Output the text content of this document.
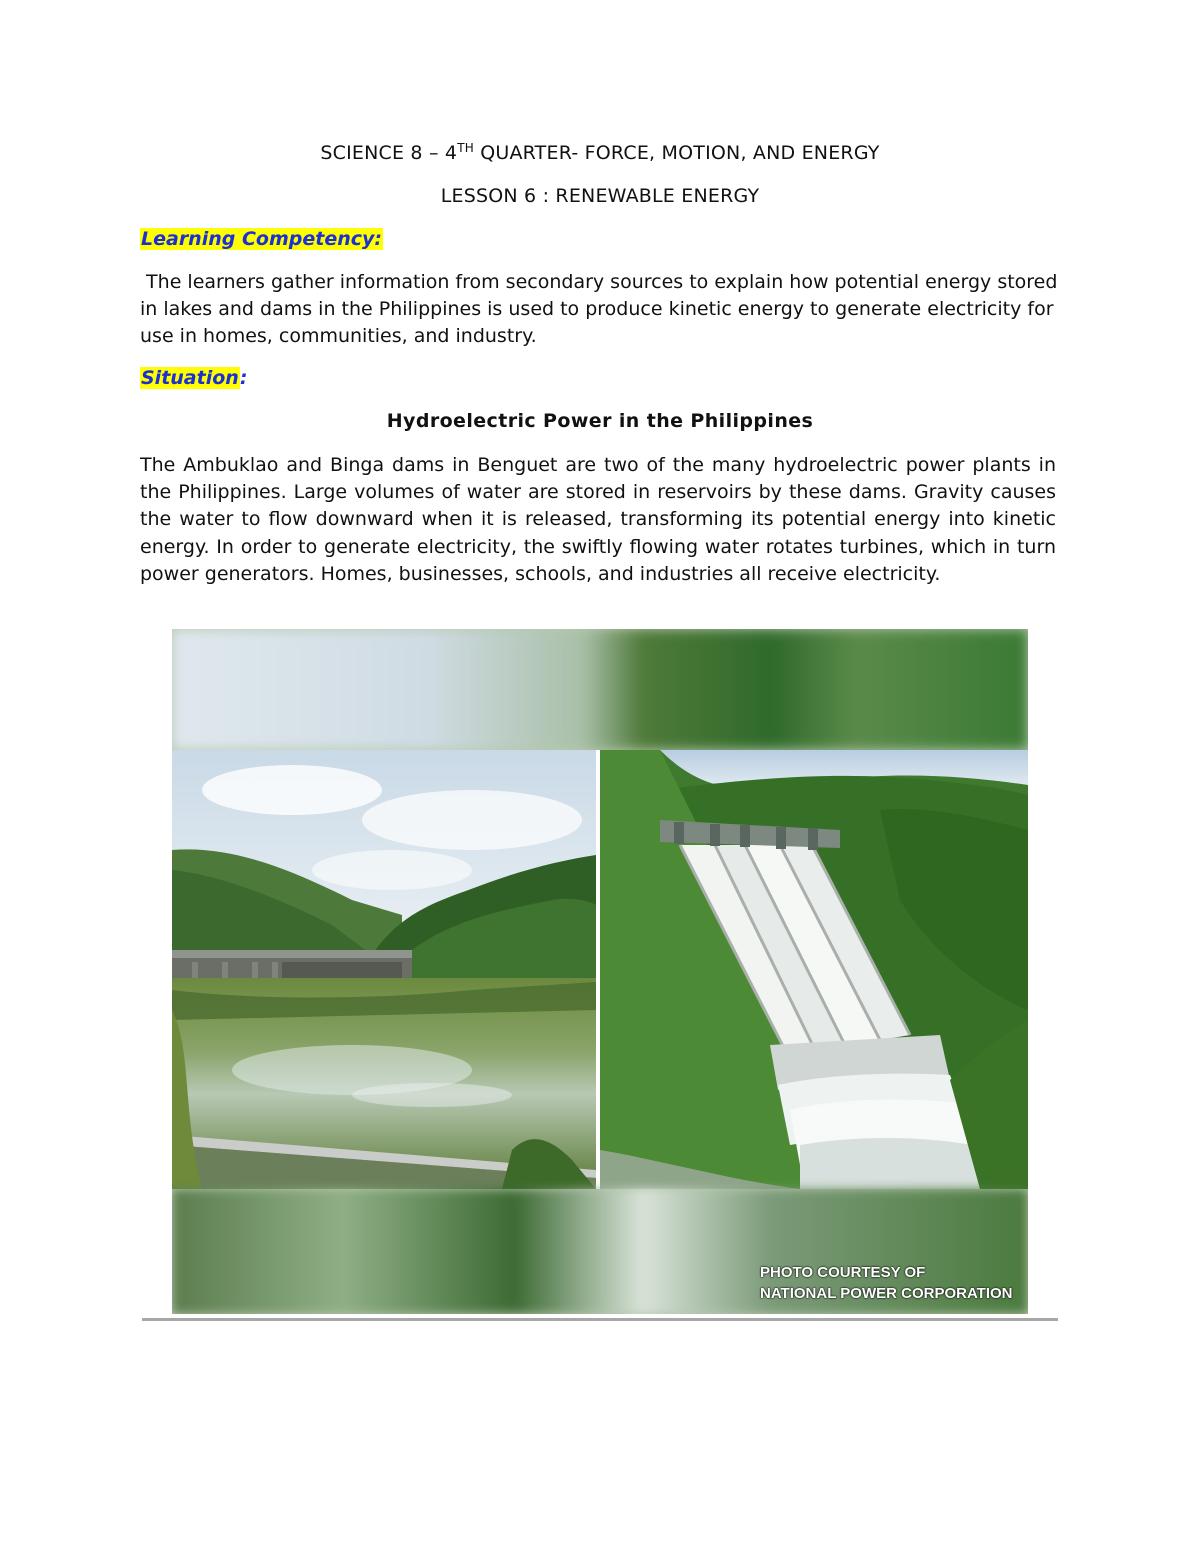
SCIENCE 8 – 4TH QUARTER- FORCE, MOTION, AND ENERGY
LESSON 6 : RENEWABLE ENERGY
Learning Competency:
The learners gather information from secondary sources to explain how potential energy stored in lakes and dams in the Philippines is used to produce kinetic energy to generate electricity for use in homes, communities, and industry.
Situation:
Hydroelectric Power in the Philippines
The Ambuklao and Binga dams in Benguet are two of the many hydroelectric power plants in the Philippines. Large volumes of water are stored in reservoirs by these dams. Gravity causes the water to flow downward when it is released, transforming its potential energy into kinetic energy. In order to generate electricity, the swiftly flowing water rotates turbines, which in turn power generators. Homes, businesses, schools, and industries all receive electricity.
PHOTO COURTESY OF
NATIONAL POWER CORPORATION
